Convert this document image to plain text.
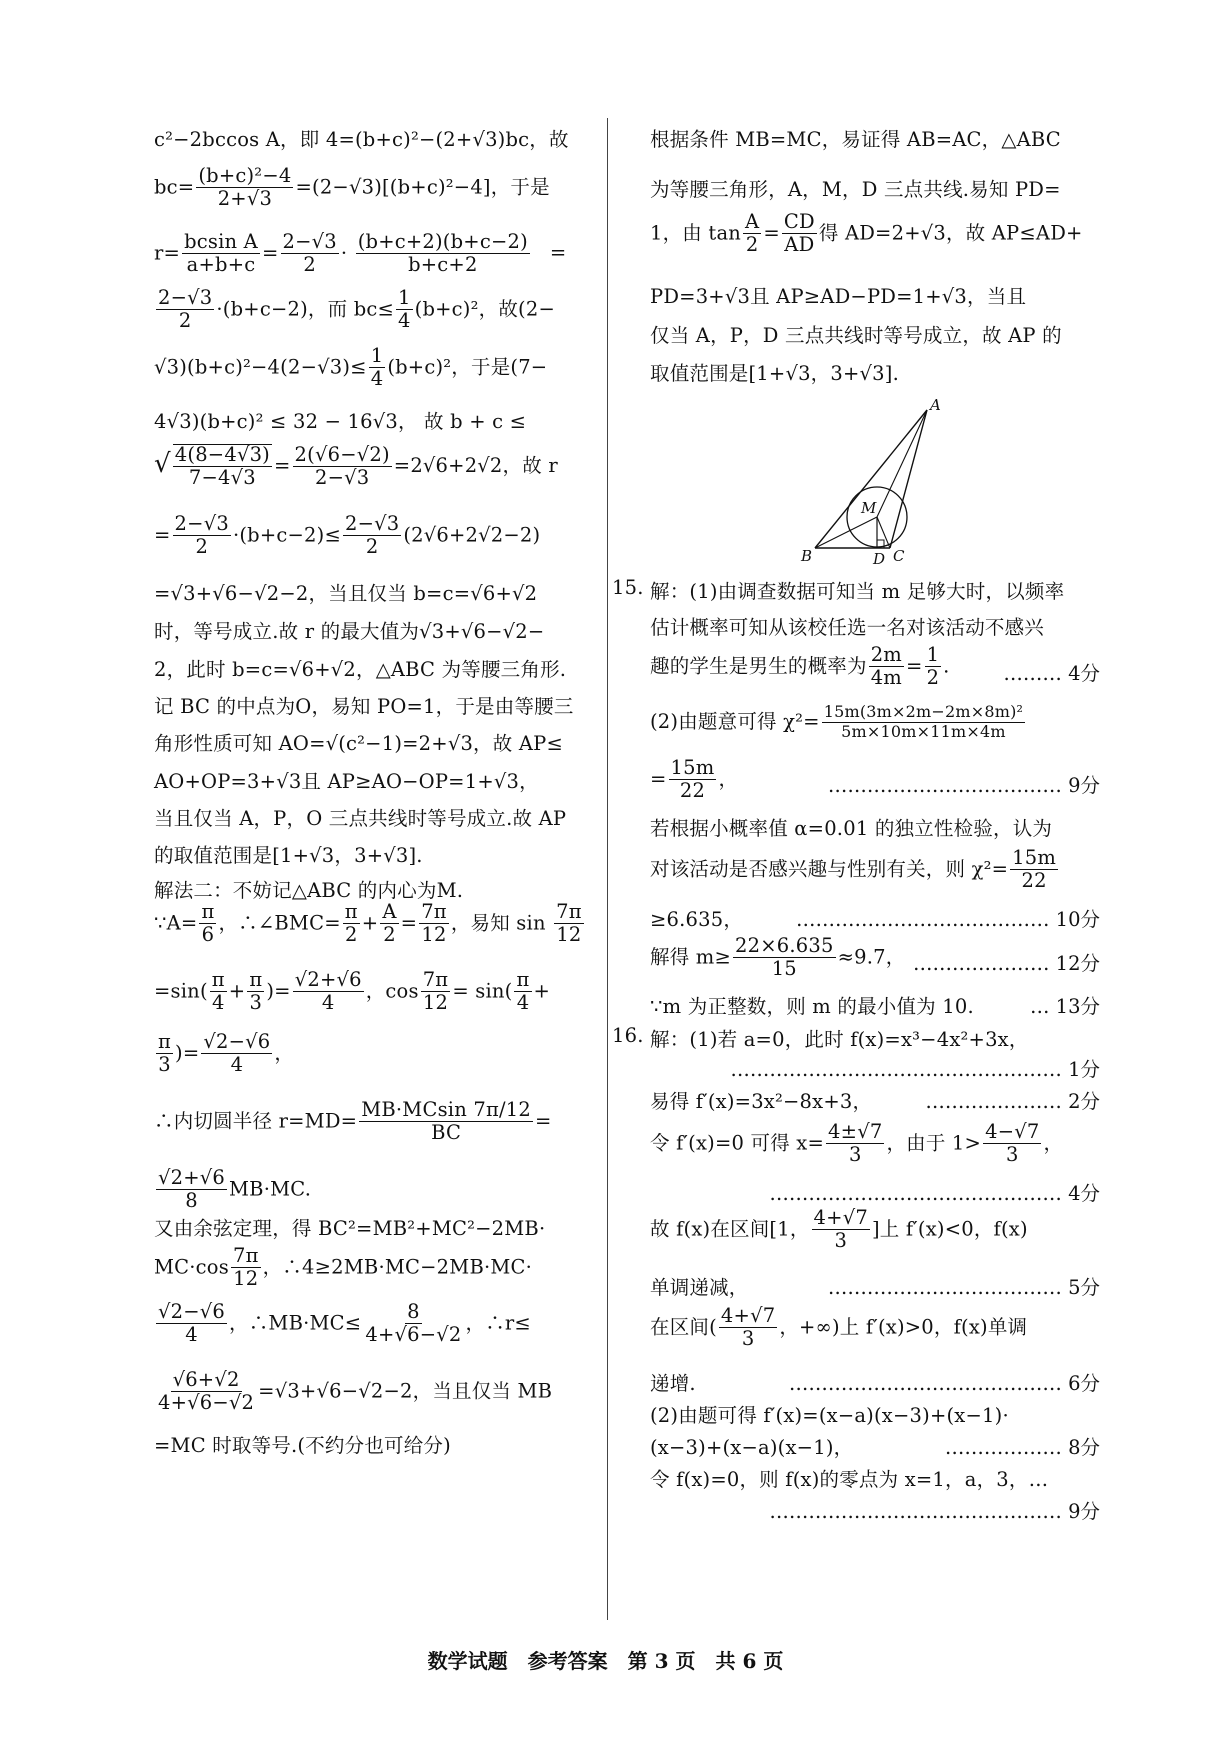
c²−2bccos A，即 4=(b+c)²−(2+√3)bc，故
$bc= \frac{\text{(b+c)²−4}}{2+√3} =(2-√3)[(b+c)^2-4]$，于是
$r= \frac{\text{bcsin A}}{a+b+c} = \frac{2-√3}{2} \cdot \frac{(b+c+2)(b+c-2)}{b+c+2}$ =
$\frac{2-√3}{2} \cdot(b+c-2)$，而 $bc\le \frac{1}{4} (b+c)^2$，故(2−
$√3)(b+c)^2-4(2-√3)\le \frac{1}{4} (b+c)^2$，于是(7−
4√3)(b+c)² ≤ 32 − 16√3， 故 b + c ≤
√ $\frac{4(8-4√3)}{7-4√3} = \frac{2(√6-√2)}{2-√3} =2√6+2√2$，故 r
= $\frac{2-√3}{2} \cdot(b+c-2)\le \frac{2-√3}{2} (2√6+2√2-2)$
=√3+√6−√2−2，当且仅当 b=c=√6+√2
时，等号成立.故 r 的最大值为√3+√6−√2−
2，此时 b=c=√6+√2，△ABC 为等腰三角形.
记 BC 的中点为O，易知 PO=1，于是由等腰三
角形性质可知 AO=√(c²−1)=2+√3，故 AP≤
AO+OP=3+√3且 AP≥AO−OP=1+√3，
当且仅当 A，P，O 三点共线时等号成立.故 AP
的取值范围是[1+√3，3+√3].
解法二：不妨记△ABC 的内心为M.
∵A= $\frac{\pi}{6}$ ，∴∠BMC= $\frac{\pi}{2} + \frac{A}{2} = \frac{7\pi}{12}$ ，易知 $\sin \frac{7\pi}{12}$
$=\sin( \frac{\pi}{4} + \frac{\pi}{3}$ )= $\frac{√2+√6}{4}$ ，$\cos \frac{7\pi}{12} = \sin( \frac{\pi}{4}$ +
$\frac{\pi}{3}$ )= $\frac{√2-√6}{4}$ ，
∴内切圆半径 $r=MD= \frac{MB\cdot MCsin 7\pi/12}{BC}$ =
$\frac{√2+√6}{8} MB\cdot MC$.
又由余弦定理，得 BC²=MB²+MC²−2MB·
$MC\cdot\cos \frac{7\pi}{12}$ ，∴4≥2MB·MC−2MB·MC·
$\frac{√2-√6}{4}$ ，∴MB·MC≤ $\frac{8}{4+√6-√2}$ ，∴r≤
$\frac{√6+√2}{4+√6-√2} =√3+√6-√2-2$，当且仅当 MB
=MC 时取等号.(不约分也可给分)
根据条件 MB=MC，易证得 AB=AC，△ABC
为等腰三角形，A，M，D 三点共线.易知 PD=
1，由 $\tan \frac{A}{2} = \frac{CD}{AD}$ 得 AD=2+√3，故 AP≤AD+
PD=3+√3且 AP≥AD−PD=1+√3，当且
仅当 A，P，D 三点共线时等号成立，故 AP 的
取值范围是[1+√3，3+√3].
A
B	C
D
M
15. 解：(1)由调查数据可知当 m 足够大时，以频率
估计概率可知从该校任选一名对该活动不感兴
趣的学生是男生的概率为 $\frac{2m}{4m} = \frac{1}{2}$ .	……… 4分
(2)由题意可得 $\chi^2= \frac{\text{15m(3m×2m−2m×8m)²}}{5m\times 10m\times 11m\times 4m}$
= $\frac{15m}{22}$ ，	……………………………… 9分
若根据小概率值 α=0.01 的独立性检验，认为
对该活动是否感兴趣与性别有关，则 $\chi^2= \frac{15m}{22}$
≥6.635，	………………………………… 10分
解得 $m\ge \frac{22\times 6.635}{15} \approx 9.7$， ………………… 12分
∵m 为正整数，则 m 的最小值为 10.	… 13分
16. 解：(1)若 a=0，此时 f(x)=x³−4x²+3x，
…………………………………………… 1分
易得 f′(x)=3x²−8x+3，	………………… 2分
令 f′(x)=0 可得 $x= \frac{4\pm√7}{3}$ ，由于 $1> \frac{4-√7}{3}$ ，
……………………………………… 4分
故 f(x)在区间[1， $\frac{4+√7}{3}$ ]上 f′(x)<0，f(x)
单调递减，	……………………………… 5分
在区间( $\frac{4+√7}{3}$ ，+∞)上 f′(x)>0，f(x)单调
递增.	…………………………………… 6分
(2)由题可得 f′(x)=(x−a)(x−3)+(x−1)·
(x−3)+(x−a)(x−1)，	……………… 8分
令 f(x)=0，则 f(x)的零点为 x=1，a，3，…
……………………………………… 9分
数学试题　参考答案　第 3 页　共 6 页
